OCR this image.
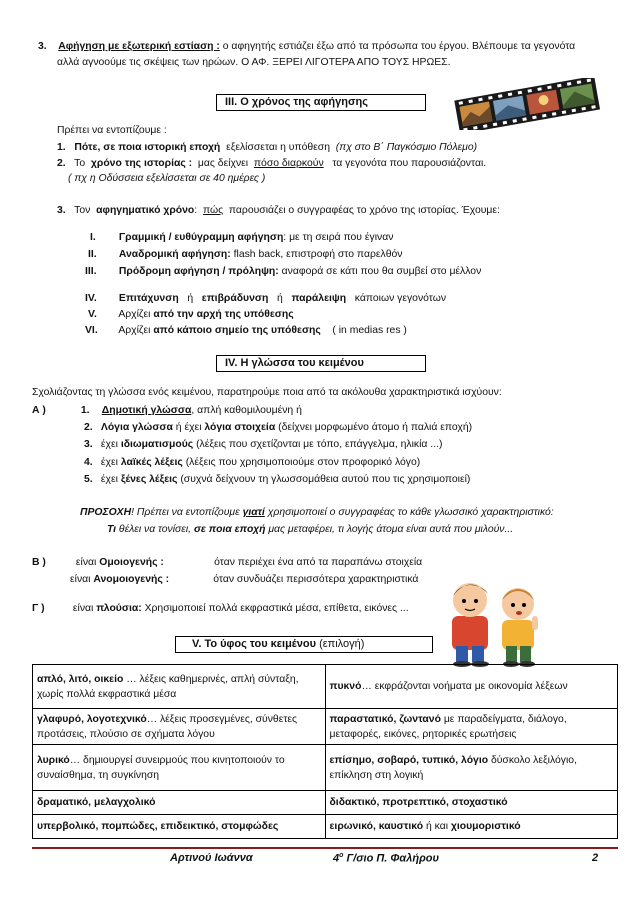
3. Αφήγηση με εξωτερική εστίαση : ο αφηγητής εστιάζει έξω από τα πρόσωπα του έργου. Βλέπουμε τα γεγονότα
αλλά αγνοούμε τις σκέψεις των ηρώων. Ο ΑΦ. ΞΕΡΕΙ ΛΙΓΟΤΕΡΑ ΑΠΟ ΤΟΥΣ ΗΡΩΕΣ.
III. Ο χρόνος της αφήγησης
Πρέπει να εντοπίζουμε :
1. Πότε, σε ποια ιστορική εποχή εξελίσσεται η υπόθεση (πχ στο Β΄ Παγκόσμιο Πόλεμο)
2. Το χρόνο της ιστορίας : μας δείχνει πόσο διαρκούν τα γεγονότα που παρουσιάζονται.
( πχ η Οδύσσεια εξελίσσεται σε 40 ημέρες )
3. Τον αφηγηματικό χρόνο: πώς παρουσιάζει ο συγγραφέας το χρόνο της ιστορίας. Έχουμε:
I. Γραμμική / ευθύγραμμη αφήγηση: με τη σειρά που έγιναν
II. Αναδρομική αφήγηση: flash back, επιστροφή στο παρελθόν
III. Πρόδρομη αφήγηση / πρόληψη: αναφορά σε κάτι που θα συμβεί στο μέλλον
IV. Επιτάχυνση ή επιβράδυνση ή παράλειψη κάποιων γεγονότων
V. Αρχίζει από την αρχή της υπόθεσης
VI. Αρχίζει από κάποιο σημείο της υπόθεσης ( in medias res )
IV. Η γλώσσα του κειμένου
Σχολιάζοντας τη γλώσσα ενός κειμένου, παρατηρούμε ποια από τα ακόλουθα χαρακτηριστικά ισχύουν:
Α )	1. Δημοτική γλώσσα, απλή καθομιλουμένη ή
2. Λόγια γλώσσα ή έχει λόγια στοιχεία (δείχνει μορφωμένο άτομο ή παλιά εποχή)
3. έχει ιδιωματισμούς (λέξεις που σχετίζονται με τόπο, επάγγελμα, ηλικία ...)
4. έχει λαϊκές λέξεις (λέξεις που χρησιμοποιούμε στον προφορικό λόγο)
5. έχει ξένες λέξεις (συχνά δείχνουν τη γλωσσομάθεια αυτού που τις χρησιμοποιεί)
ΠΡΟΣΟΧΗ! Πρέπει να εντοπίζουμε γιατί χρησιμοποιεί ο συγγραφέας το κάθε γλωσσικό χαρακτηριστικό:
Τι θέλει να τονίσει, σε ποια εποχή μας μεταφέρει, τι λογής άτομα είναι αυτά που μιλούν...
Β )	είναι Ομοιογενής :	όταν περιέχει ένα από τα παραπάνω στοιχεία
είναι Ανομοιογενής :	όταν συνδυάζει περισσότερα χαρακτηριστικά
Γ )	είναι πλούσια: Χρησιμοποιεί πολλά εκφραστικά μέσα, επίθετα, εικόνες ...
V. Το ύφος του κειμένου (επιλογή)
απλό, λιτό, οικείο … λέξεις καθημερινές, απλή σύνταξη, χωρίς πολλά εκφραστικά μέσα	πυκνό… εκφράζονται νοήματα με οικονομία λέξεων
γλαφυρό, λογοτεχνικό… λέξεις προσεγμένες, σύνθετες προτάσεις, πλούσιο σε σχήματα λόγου	παραστατικό, ζωντανό με παραδείγματα, διάλογο, μεταφορές, εικόνες, ρητορικές ερωτήσεις
λυρικό… δημιουργεί συνειρμούς που κινητοποιούν το συναίσθημα, τη συγκίνηση	επίσημο, σοβαρό, τυπικό, λόγιο δύσκολο λεξιλόγιο, επίκληση στη λογική
δραματικό, μελαγχολικό	διδακτικό, προτρεπτικό, στοχαστικό
υπερβολικό, πομπώδες, επιδεικτικό, στομφώδες	ειρωνικό, καυστικό ή και χιουμοριστικό
Αρτινού Ιωάννα	$4^o$ Γ/σιο Π. Φαλήρου	2
